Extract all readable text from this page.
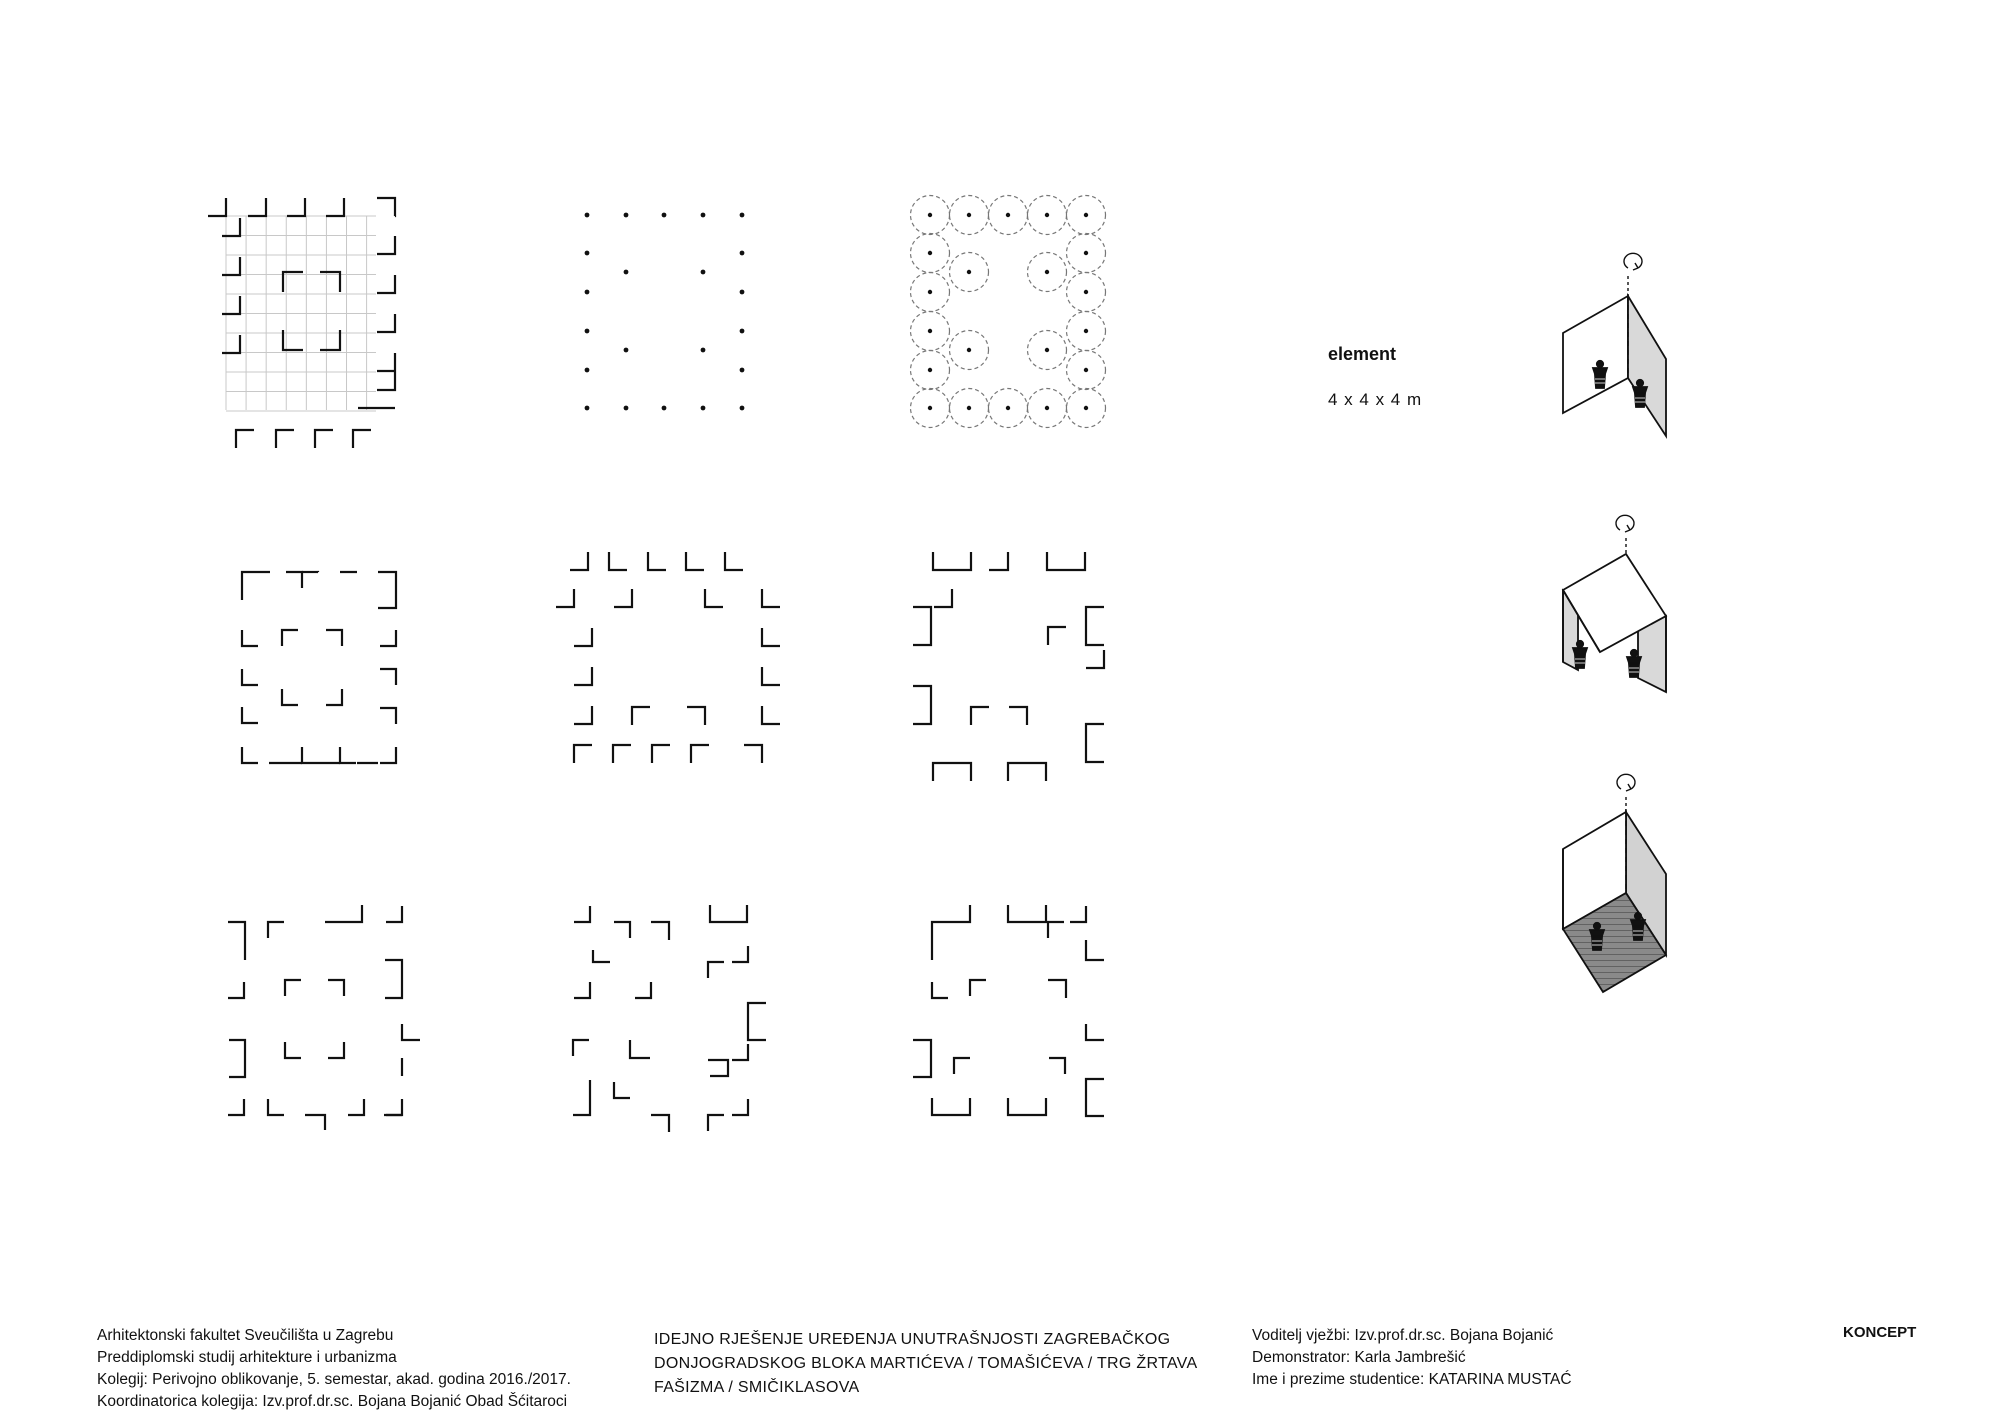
element
4 x 4 x 4 m
Arhitektonski fakultet Sveučilišta u Zagrebu
Preddiplomski studij arhitekture i urbanizma
Kolegij: Perivojno oblikovanje, 5. semestar, akad. godina 2016./2017.
Koordinatorica kolegija: Izv.prof.dr.sc. Bojana Bojanić Obad Šćitaroci
IDEJNO RJEŠENJE UREĐENJA UNUTRAŠNJOSTI ZAGREBAČKOG
DONJOGRADSKOG BLOKA MARTIĆEVA / TOMAŠIĆEVA / TRG ŽRTAVA
FAŠIZMA / SMIČIKLASOVA
Voditelj vježbi: Izv.prof.dr.sc. Bojana Bojanić
Demonstrator: Karla Jambrešić
Ime i prezime studentice: KATARINA MUSTAĆ
KONCEPT
